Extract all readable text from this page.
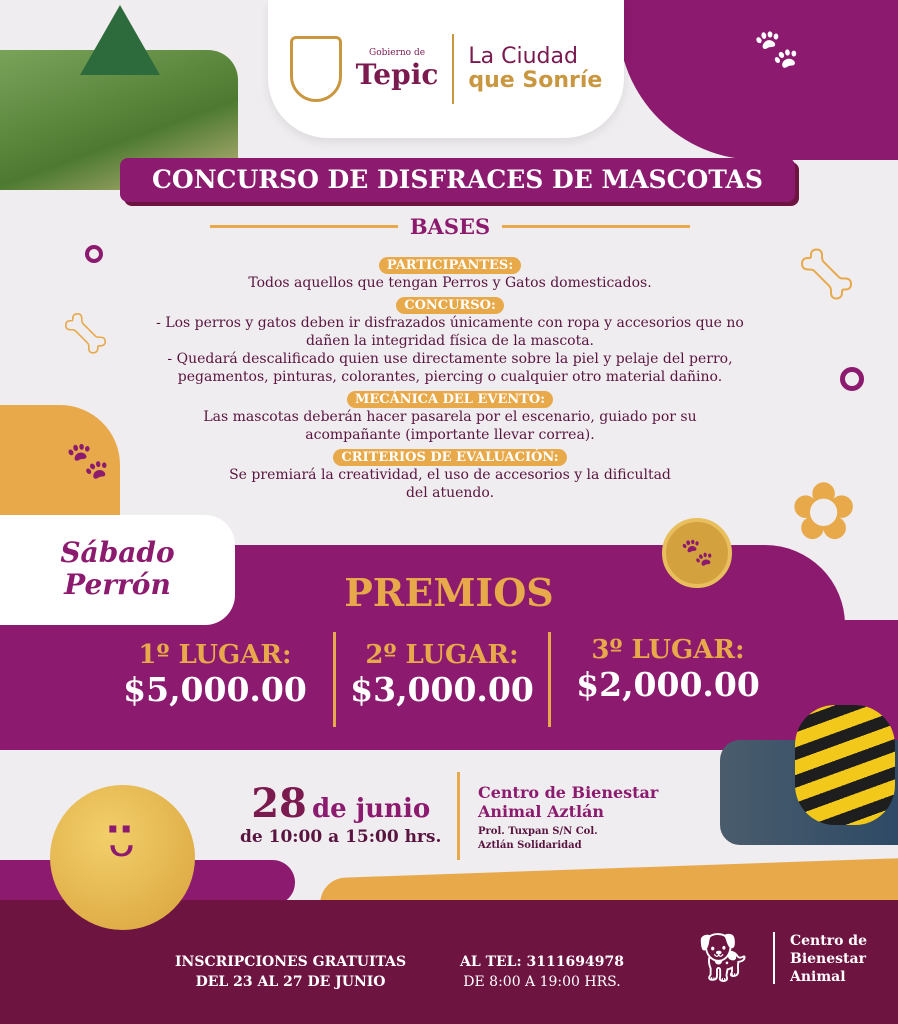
🐾︎
Gobierno de
Tepic
La Ciudad
que Sonríe
CONCURSO DE DISFRACES DE MASCOTAS
BASES
🦴︎
🦴︎
🐾︎
✿
PARTICIPANTES:
Todos aquellos que tengan Perros y Gatos domesticados.
CONCURSO:
- Los perros y gatos deben ir disfrazados únicamente con ropa y accesorios que no dañen la integridad física de la mascota.
- Quedará descalificado quien use directamente sobre la piel y pelaje del perro, pegamentos, pinturas, colorantes, piercing o cualquier otro material dañino.
MECÁNICA DEL EVENTO:
Las mascotas deberán hacer pasarela por el escenario, guiado por su acompañante (importante llevar correa).
CRITERIOS DE EVALUACIÓN:
Se premiará la creatividad, el uso de accesorios y la dificultad del atuendo.
Sábado
Perrón
🐾︎
PREMIOS
1º LUGAR:
$5,000.00
2º LUGAR:
$3,000.00
3º LUGAR:
$2,000.00
ᵕ̈
28 de junio
de 10:00 a 15:00 hrs.
Centro de Bienestar Animal Aztlán
Prol. Tuxpan S/N Col.
Aztlán Solidaridad
INSCRIPCIONES GRATUITAS
DEL 23 AL 27 DE JUNIO
AL TEL: 3111694978
DE 8:00 A 19:00 HRS. 🐕︎	Centro de
Bienestar
Animal
